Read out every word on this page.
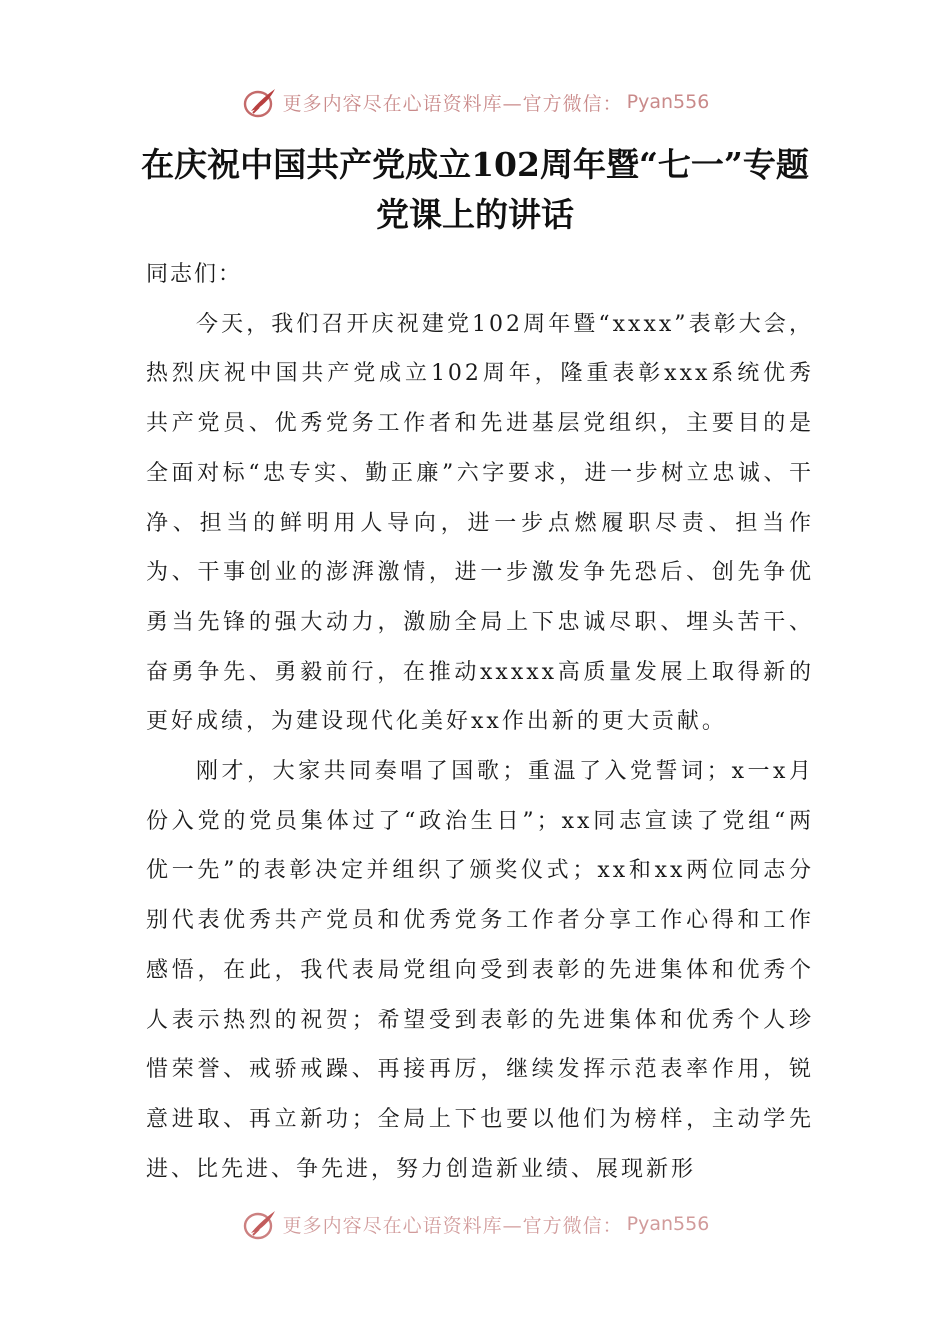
更多内容尽在心语资料库—官方微信： Pyan556
在庆祝中国共产党成立102周年暨“七一”专题党课上的讲话

同志们：

今天，我们召开庆祝建党102周年暨“xxxx”表彰大会，热烈庆祝中国共产党成立102周年，隆重表彰xxx系统优秀共产党员、优秀党务工作者和先进基层党组织，主要目的是全面对标“忠专实、勤正廉”六字要求，进一步树立忠诚、干净、担当的鲜明用人导向，进一步点燃履职尽责、担当作为、干事创业的澎湃激情，进一步激发争先恐后、创先争优勇当先锋的强大动力，激励全局上下忠诚尽职、埋头苦干、奋勇争先、勇毅前行，在推动xxxxx高质量发展上取得新的更好成绩，为建设现代化美好xx作出新的更大贡献。

刚才，大家共同奏唱了国歌；重温了入党誓词；x一x月份入党的党员集体过了“政治生日”；xx同志宣读了党组“两优一先”的表彰决定并组织了颁奖仪式；xx和xx两位同志分别代表优秀共产党员和优秀党务工作者分享工作心得和工作感悟，在此，我代表局党组向受到表彰的先进集体和优秀个人表示热烈的祝贺；希望受到表彰的先进集体和优秀个人珍惜荣誉、戒骄戒躁、再接再厉，继续发挥示范表率作用，锐意进取、再立新功；全局上下也要以他们为榜样，主动学先进、比先进、争先进，努力创造新业绩、展现新形

更多内容尽在心语资料库—官方微信： Pyan556
